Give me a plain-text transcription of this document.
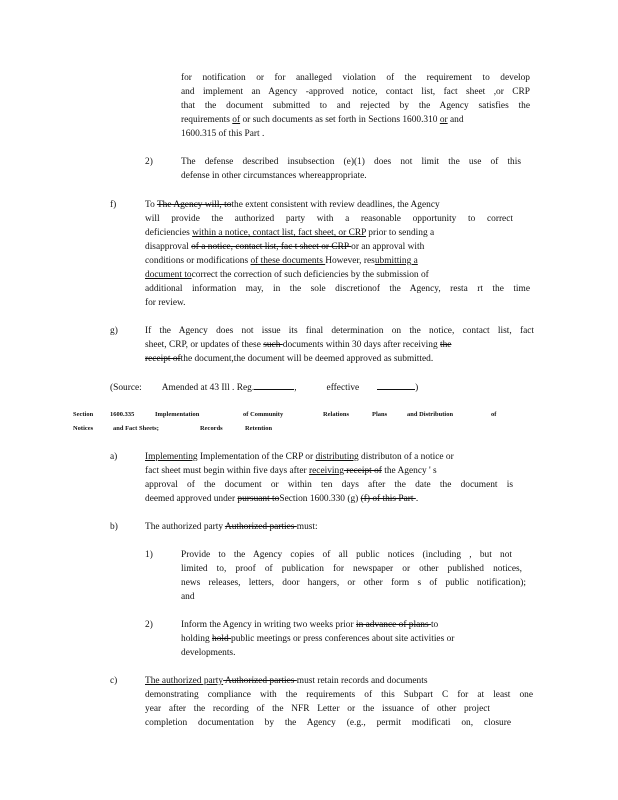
for notification or for analleged violation of the requirement to develop
and implement an Agency -approved notice, contact list, fact sheet ,or CRP
that the document submitted to and rejected by the Agency satisfies the
requirements of or such documents as set forth in Sections 1600.310 or and
1600.315 of this Part .
2)	The defense described insubsection (e)(1) does not limit the use of this
defense in other circumstances whereappropriate.
f)	To The Agency will, tothe extent consistent with review deadlines, the Agency
will provide the authorized party with a reasonable opportunity to correct
deficiencies within a notice, contact list, fact sheet, or CRP prior to sending a
disapproval of a notice, contact list, fac t sheet or CRP or an approval with
conditions or modifications of these documents However, resubmitting a
document tocorrect the correction of such deficiencies by the submission of
additional information may, in the sole discretionof the Agency, resta rt the time
for review.
g)	If the Agency does not issue its final determination on the notice, contact list, fact
sheet, CRP, or updates of these such documents within 30 days after receiving the
receipt ofthe document,the document will be deemed approved as submitted.
(Source: Amended at 43 Ill . Reg.	,	effective	)
Section	1600.335	Implementation	of Community	Relations	Plans	and Distribution	of
Notices	and Fact Sheets;	Records	Retention
a)	Implementing Implementation of the CRP or distributing distributon of a notice or
fact sheet must begin within five days after receiving receipt of the Agency ' s
approval of the document or within ten days after the date the document is
deemed approved under pursuant toSection 1600.330 (g) (f) of this Part .
b)	The authorized party Authorized parties must:
1)	Provide to the Agency copies of all public notices (including , but not
limited to, proof of publication for newspaper or other published notices,
news releases, letters, door hangers, or other form s of public notification);
and
2)	Inform the Agency in writing two weeks prior in advance of plans to
holding hold public meetings or press conferences about site activities or
developments.
c)	The authorized party Authorized parties must retain records and documents
demonstrating compliance with the requirements of this Subpart C for at least one
year after the recording of the NFR Letter or the issuance of other project
completion documentation by the Agency (e.g., permit modificati on, closure
